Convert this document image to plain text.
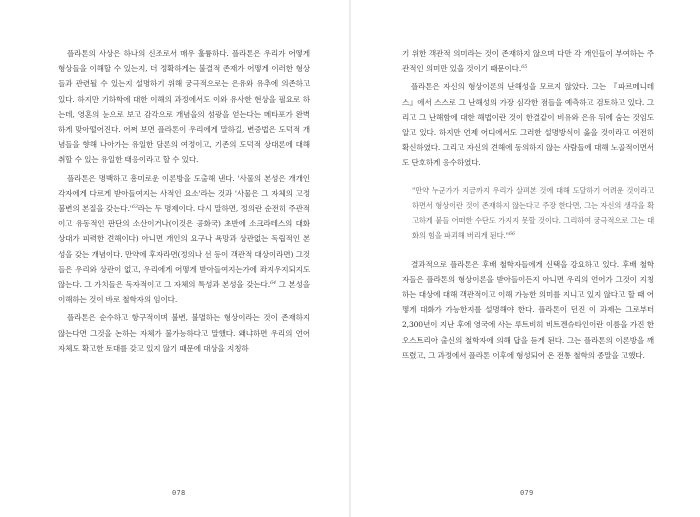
플라톤의 사상은 하나의 신조로서 매우 훌륭하다. 플라톤은 우리가 어떻게 형상들을 이해할 수 있는지, 더 정확하게는 불결적 존재가 어떻게 이러한 형상들과 관련될 수 있는지 설명하기 위해 궁극적으로는 은유와 유추에 의존하고 있다. 하지만 기하학에 대한 이해의 과정에서도 이와 유사한 현상을 필요로 하는데, 영혼의 눈으로 보고 감각으로 개념을의 섬광을 얻는다는 메타포가 완벽하게 맞아떨어진다. 어쩌 보면 플라톤이 우리에게 말하길, 변증법은 도덕적 개념들을 향해 나아가는 유일한 담론의 여정이고, 기존의 도덕적 상대론에 대해 취할 수 있는 유일한 태응이라고 할 수 있다.

플라톤은 명백하고 흥미로운 이론방을 도출해 낸다. '사물의 본성은 개개인 각자에게 다르게 받아들여지는 사적인 요소'라는 것과 '사물은 그 자체의 고정불변의 본질을 갖는다$.'^{63}$라는 두 명제이다. 다시 말하면, 정의란 순전히 주관적이고 유동적인 판단의 소산이거나(이것은 공화국) 초반에 소크라테스의 대화 상대가 피력한 견해이다) 아니면 개인의 요구나 욕망과 상관없는 독립적인 본성을 갖는 개념이다. 만약에 후자라면(정의나 선 등이 객관적 대상이라면) 그것들은 우리와 상관이 없고, 우리에게 어떻게 받아들여지는가에 좌지우지되지도 않는다. 그 가치들은 독자적이고 그 자체의 특성과 본성을 갖는다.$^{64}$ 그 본성을 이해하는 것이 바로 철학자의 임이다.

플라톤은 순수하고 항구적이며 불변, 불멸하는 형상이라는 것이 존재하지 않는다면 그것을 논하는 자체가 불가능하다고 말했다. 왜냐하면 우리의 언어 자체도 확고한 토대를 갖고 있지 않기 때문에 대상을 지칭하

078

기 위한 객관적 의미라는 것이 존재하지 않으며 다만 각 개인들이 부여하는 주관적인 의미만 있을 것이기 때문이다.$^{65}$

플라톤은 자신의 형상이론의 난해성을 모르지 않았다. 그는 『파르메니데스』에서 스스로 그 난해성의 가장 심각한 점들을 예측하고 검토하고 있다. 그리고 그 난해함에 대한 해법이란 것이 한결같이 비유와 은유 뒤에 숨는 것임도 알고 있다. 하지만 언제 어디에서도 그러한 설명방식이 옳을 것이라고 여전히 확신하였다. 그리고 자신의 견해에 동의하지 않는 사람들에 대해 노골적이면서도 단호하게 응수하였다.

"만약 누군가가 지금까지 우리가 살펴본 것에 대해 도달하기 어려운 것이라고 하면서 형상이란 것이 존재하지 않는다고 주장 한다면, 그는 자신의 생각을 확고하게 붙들 어떠한 수단도 가지지 못할 것이다. 그리하여 궁극적으로 그는 대화의 힘을 파괴해 버리게 된다."$^{66}$

결과적으로 플라톤은 후배 철학자들에게 신택을 강요하고 있다. 후배 철학자들은 플라톤의 형상이론을 받아들이든지 아니면 우리의 언어가 그것이 지칭하는 대상에 대해 객관적이고 이해 가능한 의미를 지니고 있지 않다고 할 때 어떻게 대화가 가능한지를 설명해야 한다. 플라톤이 던진 이 과제는 그로부터 2,300년이 지난 후에 영국에 사는 루트비히 비트겐슈타인이란 이름을 가진 한 오스트리아 출신의 철학자에 의해 답을 듣게 된다. 그는 플라톤의 이론방을 깨뜨렸고, 그 과정에서 플라톤 이후에 형성되어 온 전통 철학의 종말을 고했다.

079
